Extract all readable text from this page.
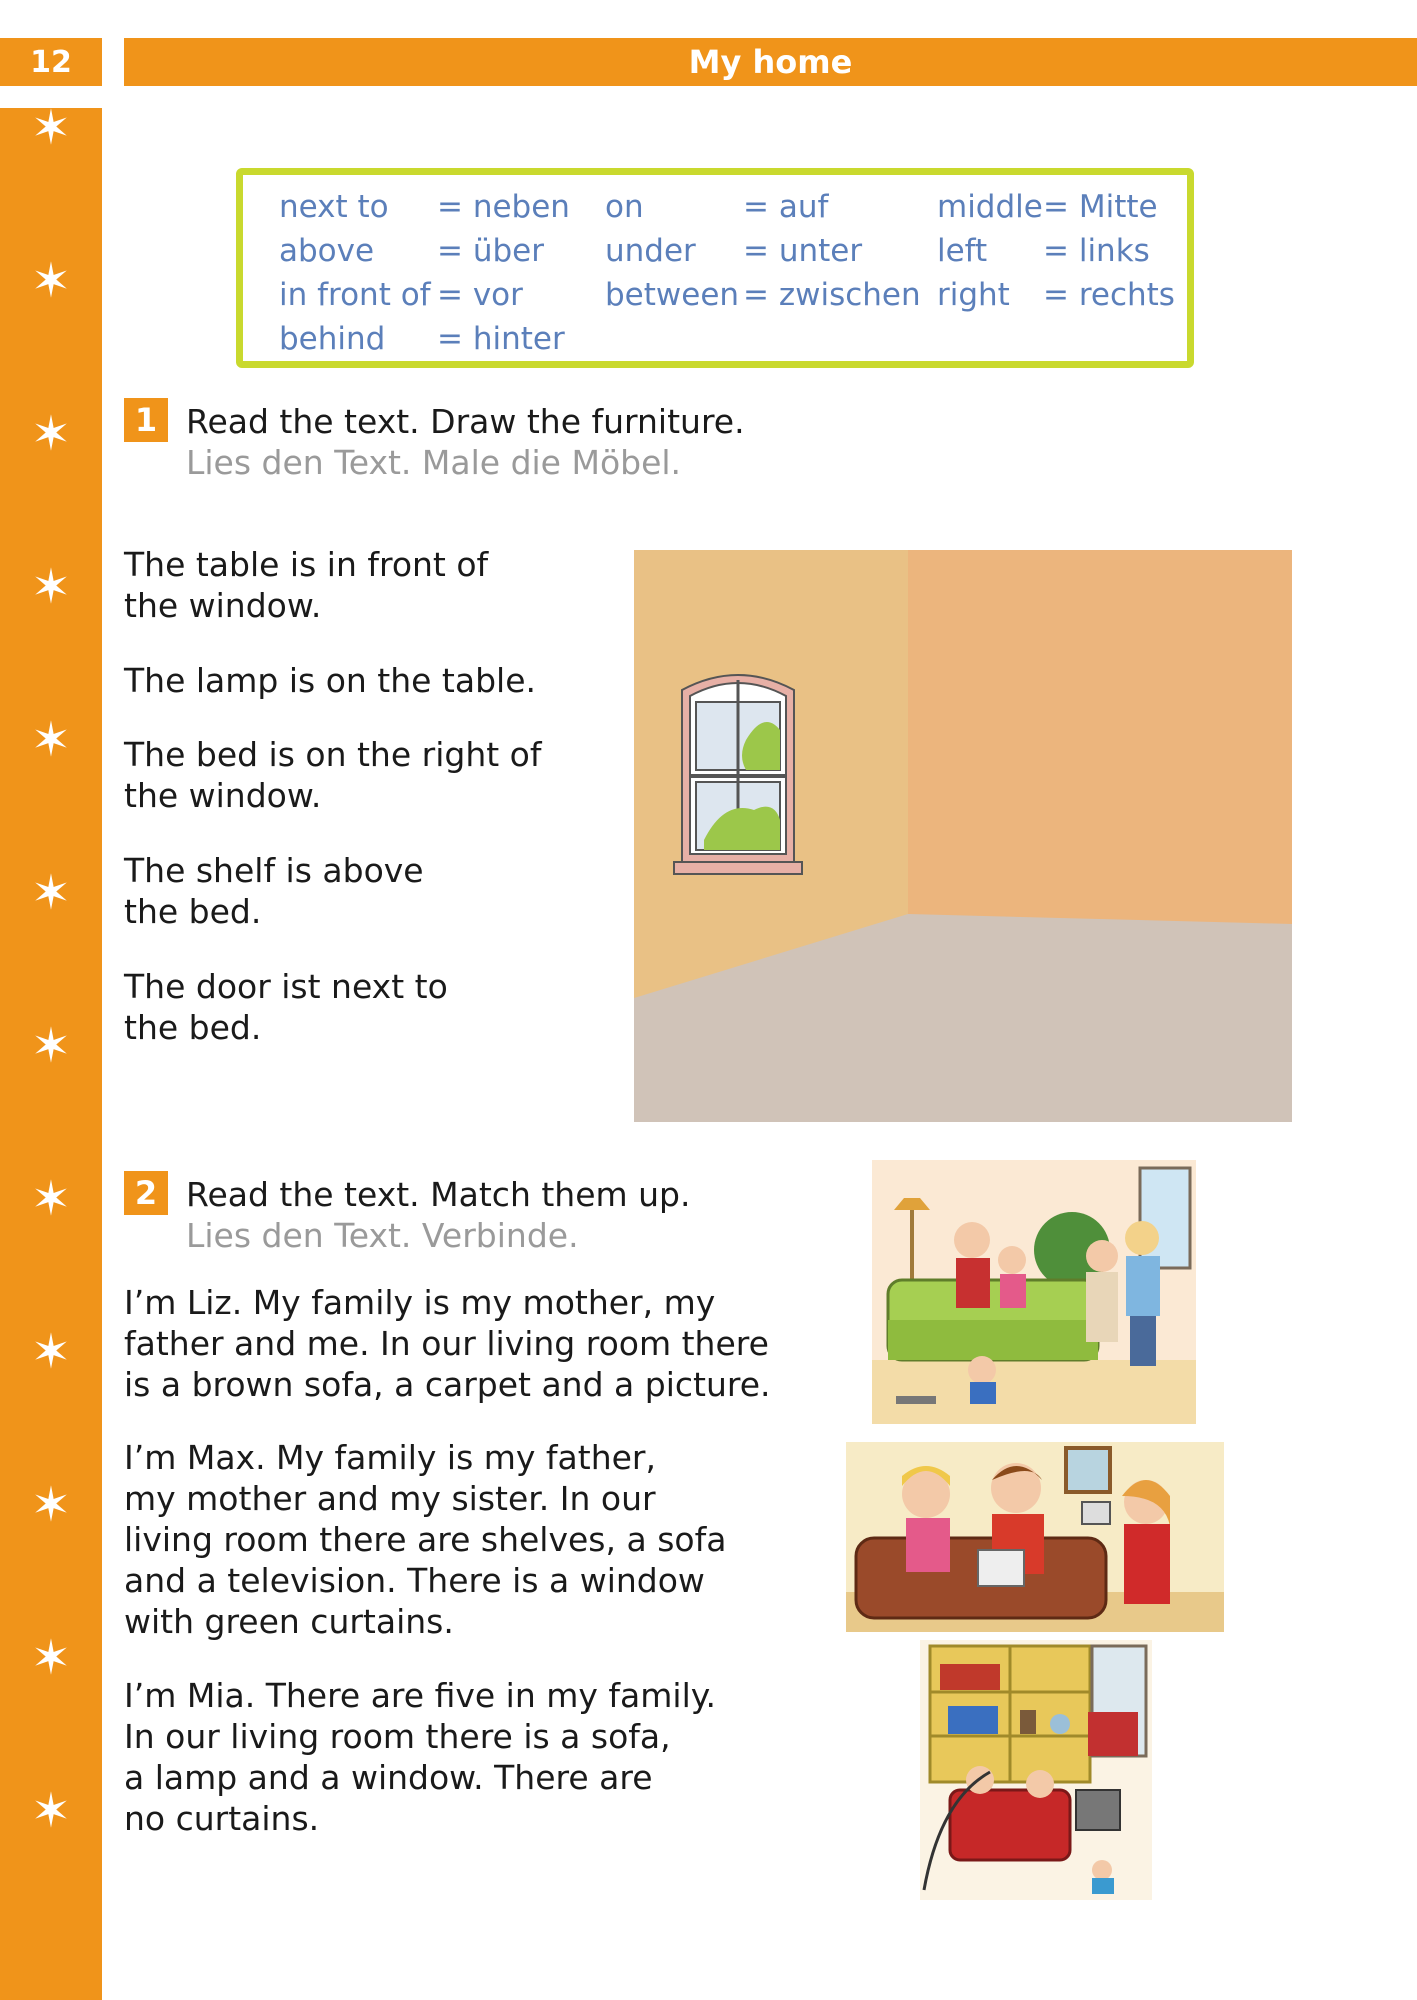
12	My home
✶
✶
✶
✶
✶
✶
✶
✶
✶
✶
✶
✶
next to = neben
above = über
in front of = vor
behind = hinter
on	= auf
under = unter
between = zwischen
middle = Mitte
left = links
right = rechts
1 Read the text. Draw the furniture.
Lies den Text. Male die Möbel.
The table is in front of
the window.
The lamp is on the table.
The bed is on the right of
the window.
The shelf is above
the bed.
The door ist next to
the bed.
2 Read the text. Match them up.
Lies den Text. Verbinde.
I’m Liz. My family is my mother, my
father and me. In our living room there
is a brown sofa, a carpet and a picture.
I’m Max. My family is my father,
my mother and my sister. In our
living room there are shelves, a sofa
and a television. There is a window
with green curtains.
I’m Mia. There are five in my family.
In our living room there is a sofa,
a lamp and a window. There are
no curtains.
